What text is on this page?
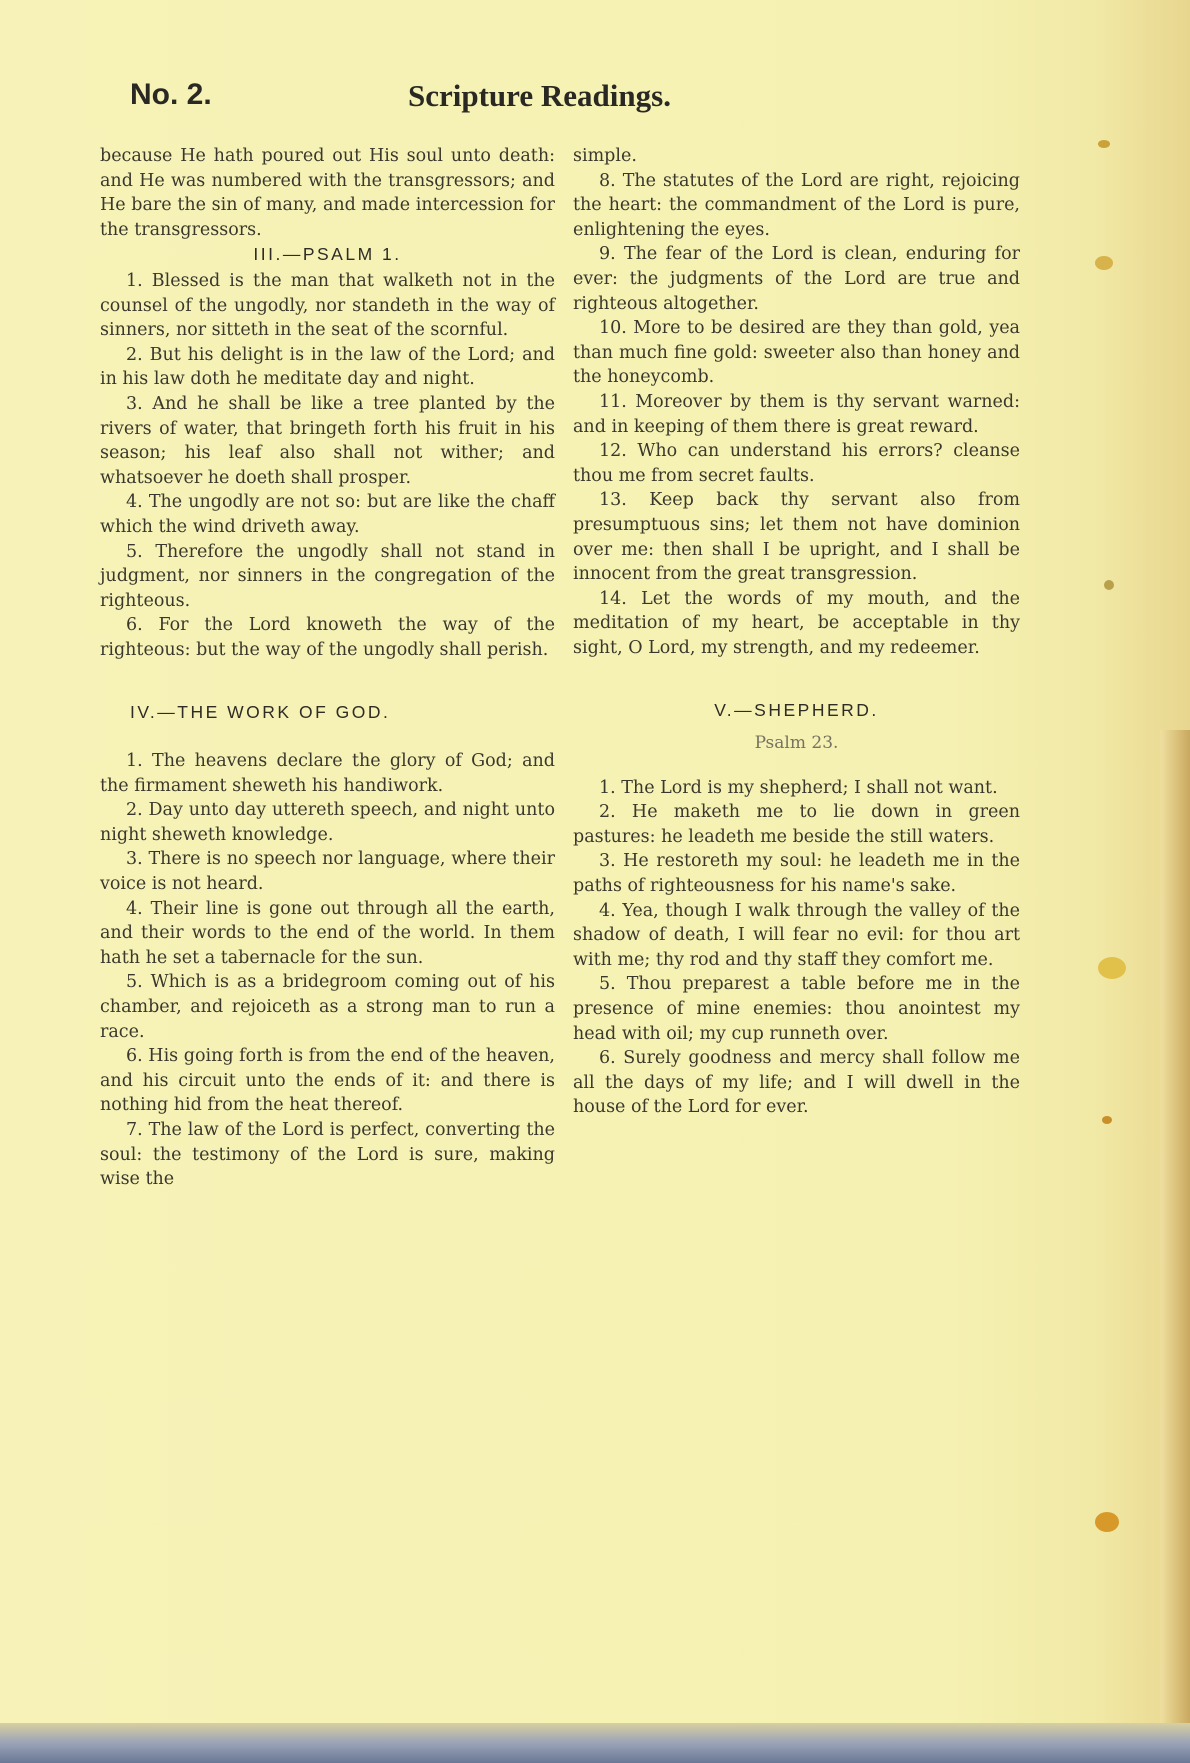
No. 2.	Scripture Readings.

because He hath poured out His soul unto death: and He was numbered with the transgressors; and He bare the sin of many, and made intercession for the transgressors.

III.—PSALM 1.

1. Blessed is the man that walketh not in the counsel of the ungodly, nor standeth in the way of sinners, nor sitteth in the seat of the scornful.

2. But his delight is in the law of the Lord; and in his law doth he meditate day and night.

3. And he shall be like a tree planted by the rivers of water, that bringeth forth his fruit in his season; his leaf also shall not wither; and whatsoever he doeth shall prosper.

4. The ungodly are not so: but are like the chaff which the wind driveth away.

5. Therefore the ungodly shall not stand in judgment, nor sinners in the congregation of the righteous.

6. For the Lord knoweth the way of the righteous: but the way of the ungodly shall perish.

IV.—THE WORK OF GOD.

1. The heavens declare the glory of God; and the firmament sheweth his handiwork.

2. Day unto day uttereth speech, and night unto night sheweth knowledge.

3. There is no speech nor language, where their voice is not heard.

4. Their line is gone out through all the earth, and their words to the end of the world. In them hath he set a tabernacle for the sun.

5. Which is as a bridegroom coming out of his chamber, and rejoiceth as a strong man to run a race.

6. His going forth is from the end of the heaven, and his circuit unto the ends of it: and there is nothing hid from the heat thereof.

7. The law of the Lord is perfect, converting the soul: the testimony of the Lord is sure, making wise the

simple.

8. The statutes of the Lord are right, rejoicing the heart: the commandment of the Lord is pure, enlightening the eyes.

9. The fear of the Lord is clean, enduring for ever: the judgments of the Lord are true and righteous altogether.

10. More to be desired are they than gold, yea than much fine gold: sweeter also than honey and the honeycomb.

11. Moreover by them is thy servant warned: and in keeping of them there is great reward.

12. Who can understand his errors? cleanse thou me from secret faults.

13. Keep back thy servant also from presumptuous sins; let them not have dominion over me: then shall I be upright, and I shall be innocent from the great transgression.

14. Let the words of my mouth, and the meditation of my heart, be acceptable in thy sight, O Lord, my strength, and my redeemer.

V.—SHEPHERD.
Psalm 23.

1. The Lord is my shepherd; I shall not want.

2. He maketh me to lie down in green pastures: he leadeth me beside the still waters.

3. He restoreth my soul: he leadeth me in the paths of righteousness for his name's sake.

4. Yea, though I walk through the valley of the shadow of death, I will fear no evil: for thou art with me; thy rod and thy staff they comfort me.

5. Thou preparest a table before me in the presence of mine enemies: thou anointest my head with oil; my cup runneth over.

6. Surely goodness and mercy shall follow me all the days of my life; and I will dwell in the house of the Lord for ever.
